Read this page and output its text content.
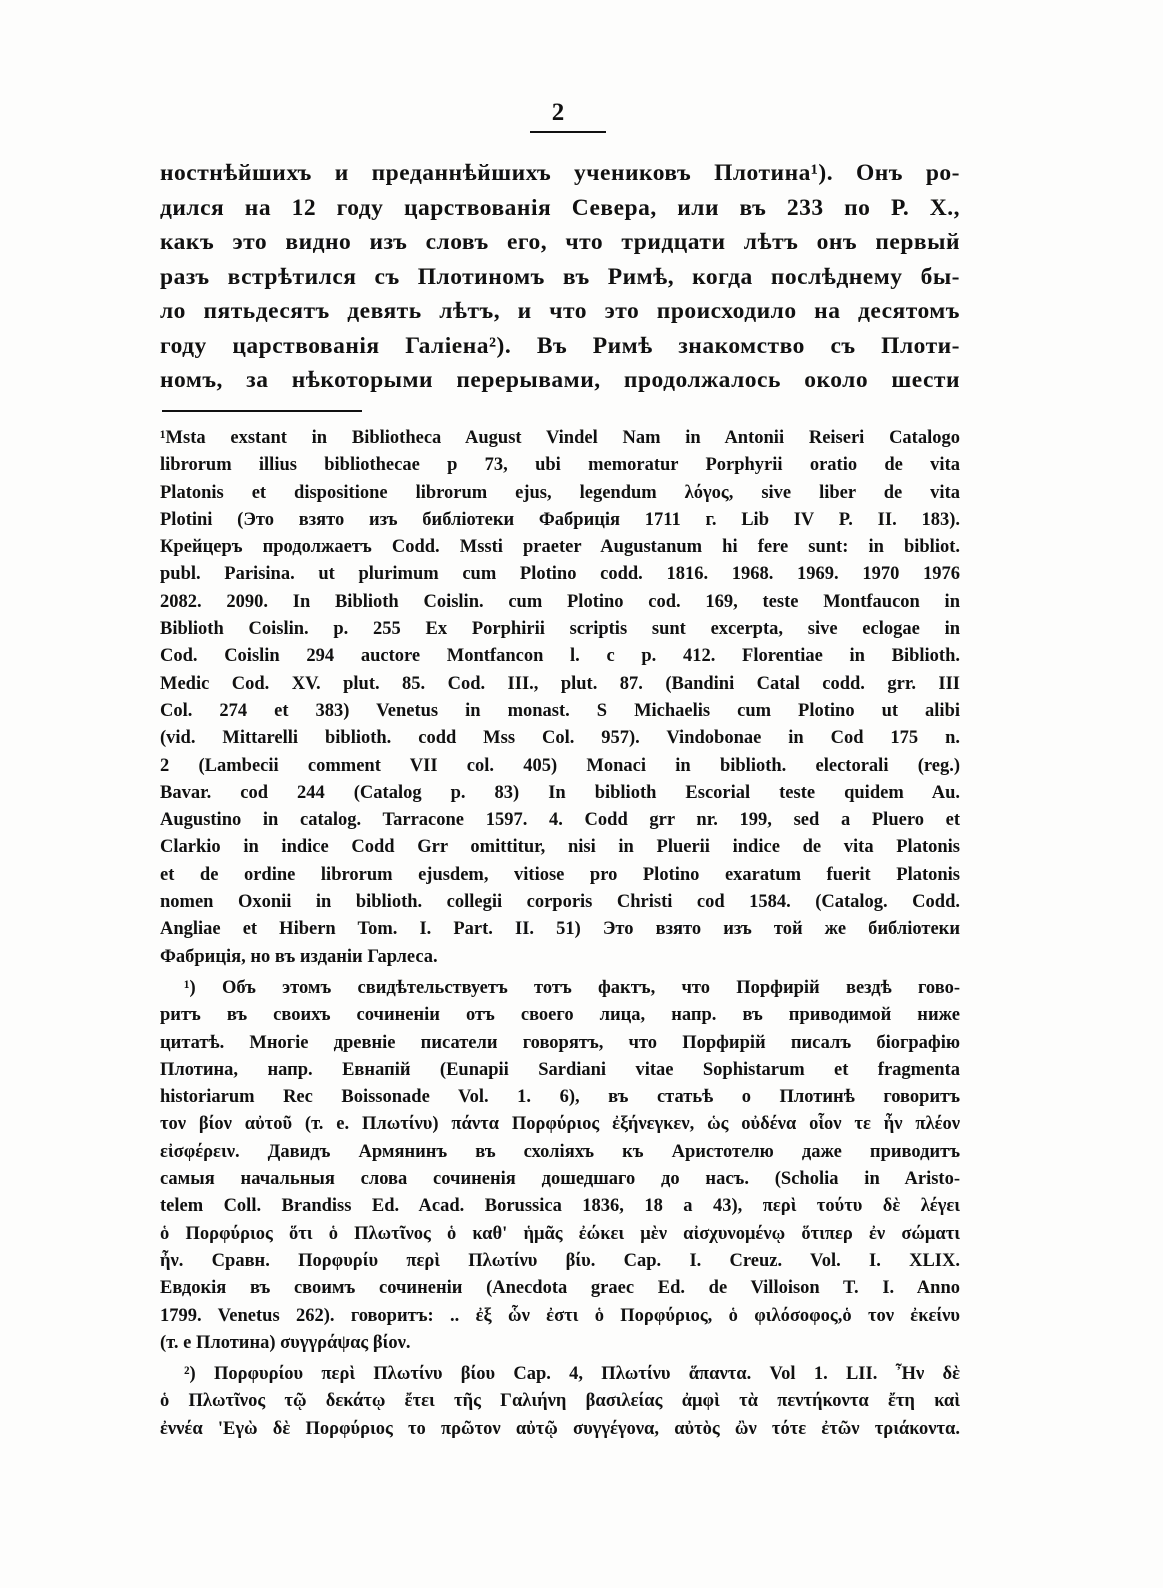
2
ностнѣйшихъ и преданнѣйшихъ учениковъ Плотина¹). Онъ ро-
дился на 12 году царствованія Севера, или въ 233 по Р. Х.,
какъ это видно изъ словъ его, что тридцати лѣтъ онъ первый
разъ встрѣтился съ Плотиномъ въ Римѣ, когда послѣднему бы-
ло пятьдесятъ девять лѣтъ, и что это происходило на десятомъ
году царствованія Галіена²). Въ Римѣ знакомство съ Плоти-
номъ, за нѣкоторыми перерывами, продолжалось около шести
¹Msta exstant in Bibliotheca August Vindel Nam in Antonii Reiseri Catalogo
librorum illius bibliothecae p 73, ubi memoratur Porphyrii oratio de vita
Platonis et dispositione librorum ejus, legendum λόγος, sive liber de vita
Plotini (Это взято изъ библіотеки Фабриція 1711 г. Lib IV P. II. 183).
Крейцеръ продолжаетъ Codd. Mssti praeter Augustanum hi fere sunt: in bibliot.
publ. Parisina. ut plurimum cum Plotino codd. 1816. 1968. 1969. 1970 1976
2082. 2090. In Biblioth Coislin. cum Plotino cod. 169, teste Montfaucon in
Biblioth Coislin. p. 255 Ex Porphirii scriptis sunt excerpta, sive eclogae in
Cod. Coislin 294 auctore Montfancon l. c p. 412. Florentiae in Biblioth.
Medic Cod. XV. plut. 85. Cod. III., plut. 87. (Bandini Catal codd. grr. III
Col. 274 et 383) Venetus in monast. S Michaelis cum Plotino ut alibi
(vid. Mittarelli biblioth. codd Mss Col. 957). Vindobonae in Cod 175 n.
2 (Lambecii comment VII col. 405) Monaci in biblioth. electorali (reg.)
Bavar. cod 244 (Catalog p. 83) In biblioth Escorial teste quidem Au.
Augustino in catalog. Tarracone 1597. 4. Codd grr nr. 199, sed a Pluero et
Clarkio in indice Codd Grr omittitur, nisi in Pluerii indice de vita Platonis
et de ordine librorum ejusdem, vitiose pro Plotino exaratum fuerit Platonis
nomen Oxonii in biblioth. collegii corporis Christi cod 1584. (Catalog. Codd.
Angliae et Hibern Tom. I. Part. II. 51) Это взято изъ той же библіотеки
Фабриція, но въ изданіи Гарлеса.
¹) Объ этомъ свидѣтельствуетъ тотъ фактъ, что Порфирій вездѣ гово-
ритъ въ своихъ сочиненіи отъ своего лица, напр. въ приводимой ниже
цитатѣ. Многіе древніе писатели говорятъ, что Порфирій писалъ біографію
Плотина, напр. Евнапій (Eunapii Sardiani vitae Sophistarum et fragmenta
historiarum Rec Boissonade Vol. 1. 6), въ статьѣ о Плотинѣ говоритъ
τον βίον αὐτοῦ (т. е. Плωτίνυ) πάντα Πορφύριος ἐξήνεγκεν, ὡς οὐδένα οἷον τε ἦν πλέον
εἰσφέρειν. Давидъ Армянинъ въ схоліяхъ къ Аристотелю даже приводитъ
самыя начальныя слова сочиненія дошедшаго до насъ. (Scholia in Aristo-
telem Coll. Brandiss Ed. Acad. Borussica 1836, 18 a 43), περὶ τούτυ δὲ λέγει
ὁ Πορφύριος ὅτι ὁ Πλωτῖνος ὁ καθ' ἡμᾶς ἐώκει μὲν αἰσχυνομένῳ ὅτιπερ ἐν σώματι
ἦν. Сравн. Πορφυρίυ περὶ Πλωτίνυ βίυ. Cap. I. Creuz. Vol. I. XLIX.
Евдокія въ своимъ сочиненіи (Anecdota graec Ed. de Villoison T. I. Anno
1799. Venetus 262). говоритъ: .. ἐξ ὧν ἐστι ὁ Πορφύριος, ὁ φιλόσοφος,ὁ τον ἐκείνυ
(т. е Плотина) συγγράψας βίον.
²) Πορφυρίου περὶ Πλωτίνυ βίου Cap. 4, Πλωτίνυ ἅπαντα. Vol 1. LII. Ἦν δὲ
ὁ Πλωτῖνος τῷ δεκάτῳ ἔτει τῆς Γαλιήνη βασιλείας ἀμφὶ τὰ πεντήκοντα ἔτη καὶ
ἐννέα 'Εγὼ δὲ Πορφύριος το πρῶτον αὐτῷ συγγέγονα, αὐτὸς ὢν τότε ἐτῶν τριάκοντα.
